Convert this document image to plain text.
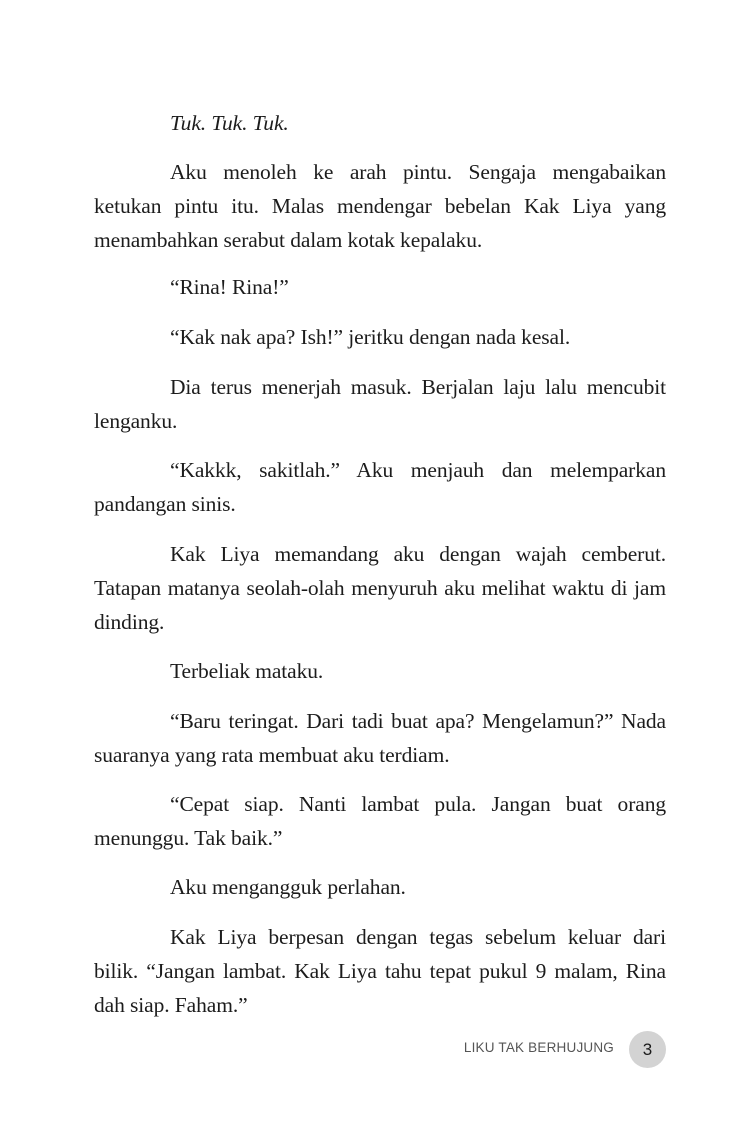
Tuk. Tuk. Tuk.

Aku menoleh ke arah pintu. Sengaja mengabaikan ketukan pintu itu. Malas mendengar bebelan Kak Liya yang menambahkan serabut dalam kotak kepalaku.

“Rina! Rina!”

“Kak nak apa? Ish!” jeritku dengan nada kesal.

Dia terus menerjah masuk. Berjalan laju lalu mencubit lenganku.

“Kakkk, sakitlah.” Aku menjauh dan melemparkan pandangan sinis.

Kak Liya memandang aku dengan wajah cemberut. Tatapan matanya seolah-olah menyuruh aku melihat waktu di jam dinding.

Terbeliak mataku.

“Baru teringat. Dari tadi buat apa? Mengelamun?” Nada suaranya yang rata membuat aku terdiam.

“Cepat siap. Nanti lambat pula. Jangan buat orang menunggu. Tak baik.”

Aku mengangguk perlahan.

Kak Liya berpesan dengan tegas sebelum keluar dari bilik. “Jangan lambat. Kak Liya tahu tepat pukul 9 malam, Rina dah siap. Faham.”

LIKU TAK BERHUJUNG	3
